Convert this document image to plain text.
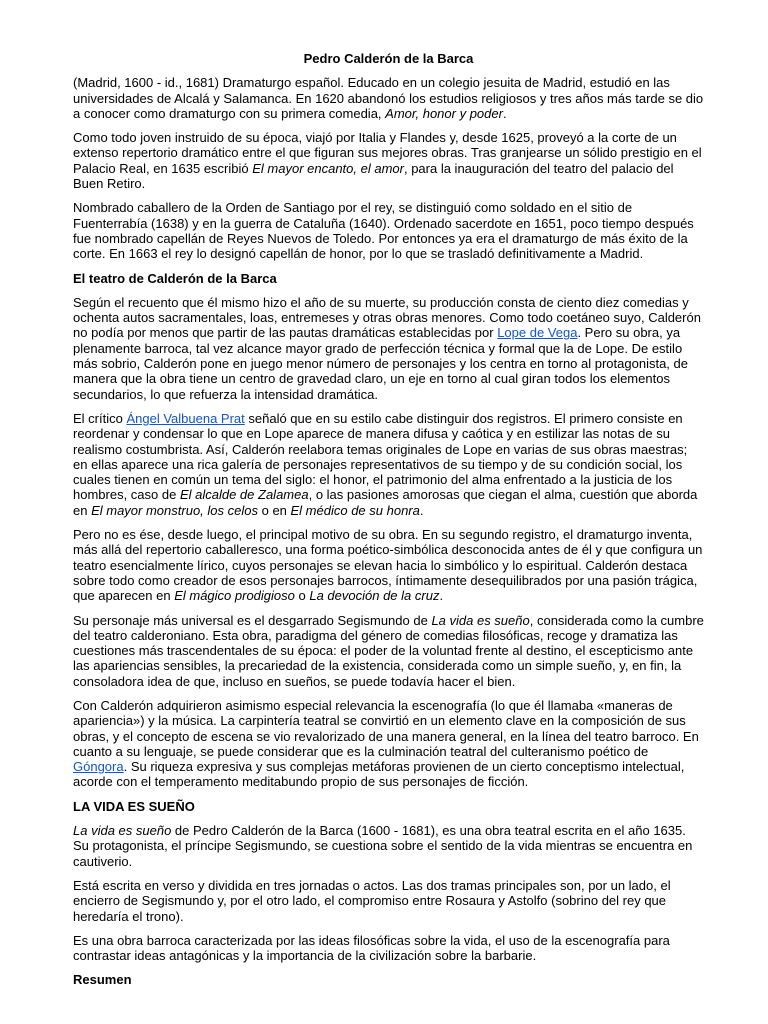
Pedro Calderón de la Barca

(Madrid, 1600 - id., 1681) Dramaturgo español. Educado en un colegio jesuita de Madrid, estudió en las universidades de Alcalá y Salamanca. En 1620 abandonó los estudios religiosos y tres años más tarde se dio a conocer como dramaturgo con su primera comedia, Amor, honor y poder.

Como todo joven instruido de su época, viajó por Italia y Flandes y, desde 1625, proveyó a la corte de un extenso repertorio dramático entre el que figuran sus mejores obras. Tras granjearse un sólido prestigio en el Palacio Real, en 1635 escribió El mayor encanto, el amor, para la inauguración del teatro del palacio del Buen Retiro.

Nombrado caballero de la Orden de Santiago por el rey, se distinguió como soldado en el sitio de Fuenterrabía (1638) y en la guerra de Cataluña (1640). Ordenado sacerdote en 1651, poco tiempo después fue nombrado capellán de Reyes Nuevos de Toledo. Por entonces ya era el dramaturgo de más éxito de la corte. En 1663 el rey lo designó capellán de honor, por lo que se trasladó definitivamente a Madrid.

El teatro de Calderón de la Barca

Según el recuento que él mismo hizo el año de su muerte, su producción consta de ciento diez comedias y ochenta autos sacramentales, loas, entremeses y otras obras menores. Como todo coetáneo suyo, Calderón no podía por menos que partir de las pautas dramáticas establecidas por Lope de Vega. Pero su obra, ya plenamente barroca, tal vez alcance mayor grado de perfección técnica y formal que la de Lope. De estilo más sobrio, Calderón pone en juego menor número de personajes y los centra en torno al protagonista, de manera que la obra tiene un centro de gravedad claro, un eje en torno al cual giran todos los elementos secundarios, lo que refuerza la intensidad dramática.

El crítico Ángel Valbuena Prat señaló que en su estilo cabe distinguir dos registros. El primero consiste en reordenar y condensar lo que en Lope aparece de manera difusa y caótica y en estilizar las notas de su realismo costumbrista. Así, Calderón reelabora temas originales de Lope en varias de sus obras maestras; en ellas aparece una rica galería de personajes representativos de su tiempo y de su condición social, los cuales tienen en común un tema del siglo: el honor, el patrimonio del alma enfrentado a la justicia de los hombres, caso de El alcalde de Zalamea, o las pasiones amorosas que ciegan el alma, cuestión que aborda en El mayor monstruo, los celos o en El médico de su honra.

Pero no es ése, desde luego, el principal motivo de su obra. En su segundo registro, el dramaturgo inventa, más allá del repertorio caballeresco, una forma poético-simbólica desconocida antes de él y que configura un teatro esencialmente lírico, cuyos personajes se elevan hacia lo simbólico y lo espiritual. Calderón destaca sobre todo como creador de esos personajes barrocos, íntimamente desequilibrados por una pasión trágica, que aparecen en El mágico prodigioso o La devoción de la cruz.

Su personaje más universal es el desgarrado Segismundo de La vida es sueño, considerada como la cumbre del teatro calderoniano. Esta obra, paradigma del género de comedias filosóficas, recoge y dramatiza las cuestiones más trascendentales de su época: el poder de la voluntad frente al destino, el escepticismo ante las apariencias sensibles, la precariedad de la existencia, considerada como un simple sueño, y, en fin, la consoladora idea de que, incluso en sueños, se puede todavía hacer el bien.

Con Calderón adquirieron asimismo especial relevancia la escenografía (lo que él llamaba «maneras de apariencia») y la música. La carpintería teatral se convirtió en un elemento clave en la composición de sus obras, y el concepto de escena se vio revalorizado de una manera general, en la línea del teatro barroco. En cuanto a su lenguaje, se puede considerar que es la culminación teatral del culteranismo poético de Góngora. Su riqueza expresiva y sus complejas metáforas provienen de un cierto conceptismo intelectual, acorde con el temperamento meditabundo propio de sus personajes de ficción.

LA VIDA ES SUEÑO

La vida es sueño de Pedro Calderón de la Barca (1600 - 1681), es una obra teatral escrita en el año 1635. Su protagonista, el príncipe Segismundo, se cuestiona sobre el sentido de la vida mientras se encuentra en cautiverio.

Está escrita en verso y dividida en tres jornadas o actos. Las dos tramas principales son, por un lado, el encierro de Segismundo y, por el otro lado, el compromiso entre Rosaura y Astolfo (sobrino del rey que heredaría el trono).

Es una obra barroca caracterizada por las ideas filosóficas sobre la vida, el uso de la escenografía para contrastar ideas antagónicas y la importancia de la civilización sobre la barbarie.

Resumen
